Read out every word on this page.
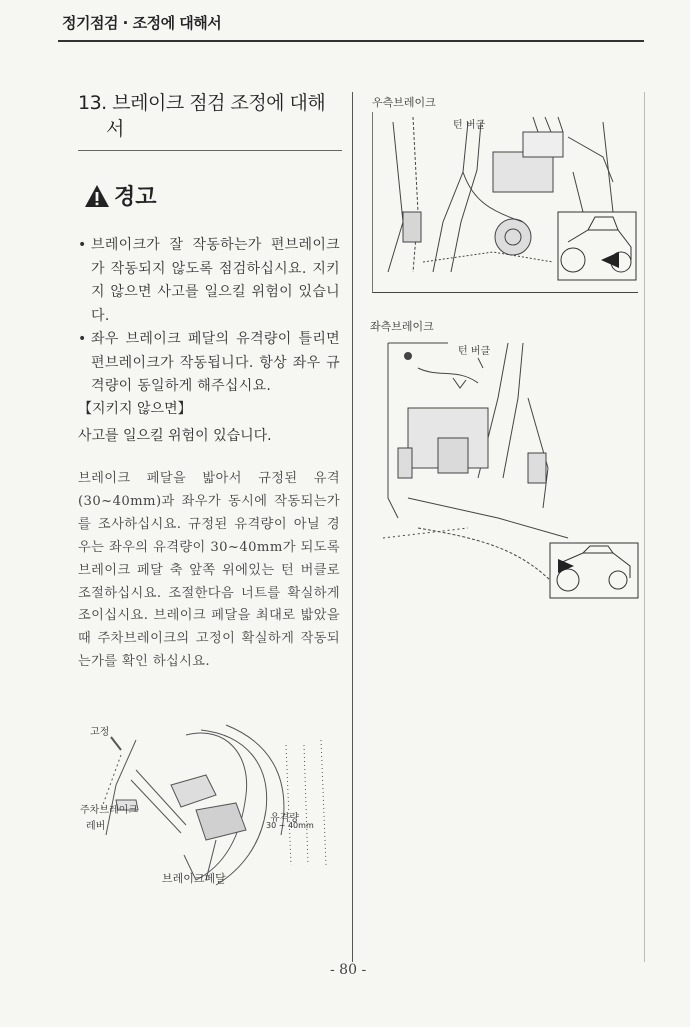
정기점검 · 조정에 대해서
13. 브레이크 점검 조정에 대해
서
경고
• 브레이크가 잘 작동하는가 편브레이크가 작동되지 않도록 점검하십시요. 지키지 않으면 사고를 일으킬 위험이 있습니다.
• 좌우 브레이크 페달의 유격량이 틀리면 편브레이크가 작동됩니다. 항상 좌우 규격량이 동일하게 해주십시요.
【지키지 않으면】
사고를 일으킬 위험이 있습니다.
브레이크 페달을 밟아서 규정된 유격(30~40mm)과 좌우가 동시에 작동되는가를 조사하십시요. 규정된 유격량이 아닐 경우는 좌우의 유격량이 30~40mm가 되도록 브레이크 페달 축 앞쪽 위에있는 턴 버클로 조절하십시요. 조절한다음 너트를 확실하게 조이십시요. 브레이크 페달을 최대로 밟았을때 주차브레이크의 고정이 확실하게 작동되는가를 확인 하십시요.
고정
주차브레이크
레버
유격량
30 ~ 40mm
브레이크페달
우측브레이크
턴 버클
좌측브레이크
턴 버클
- 80 -
